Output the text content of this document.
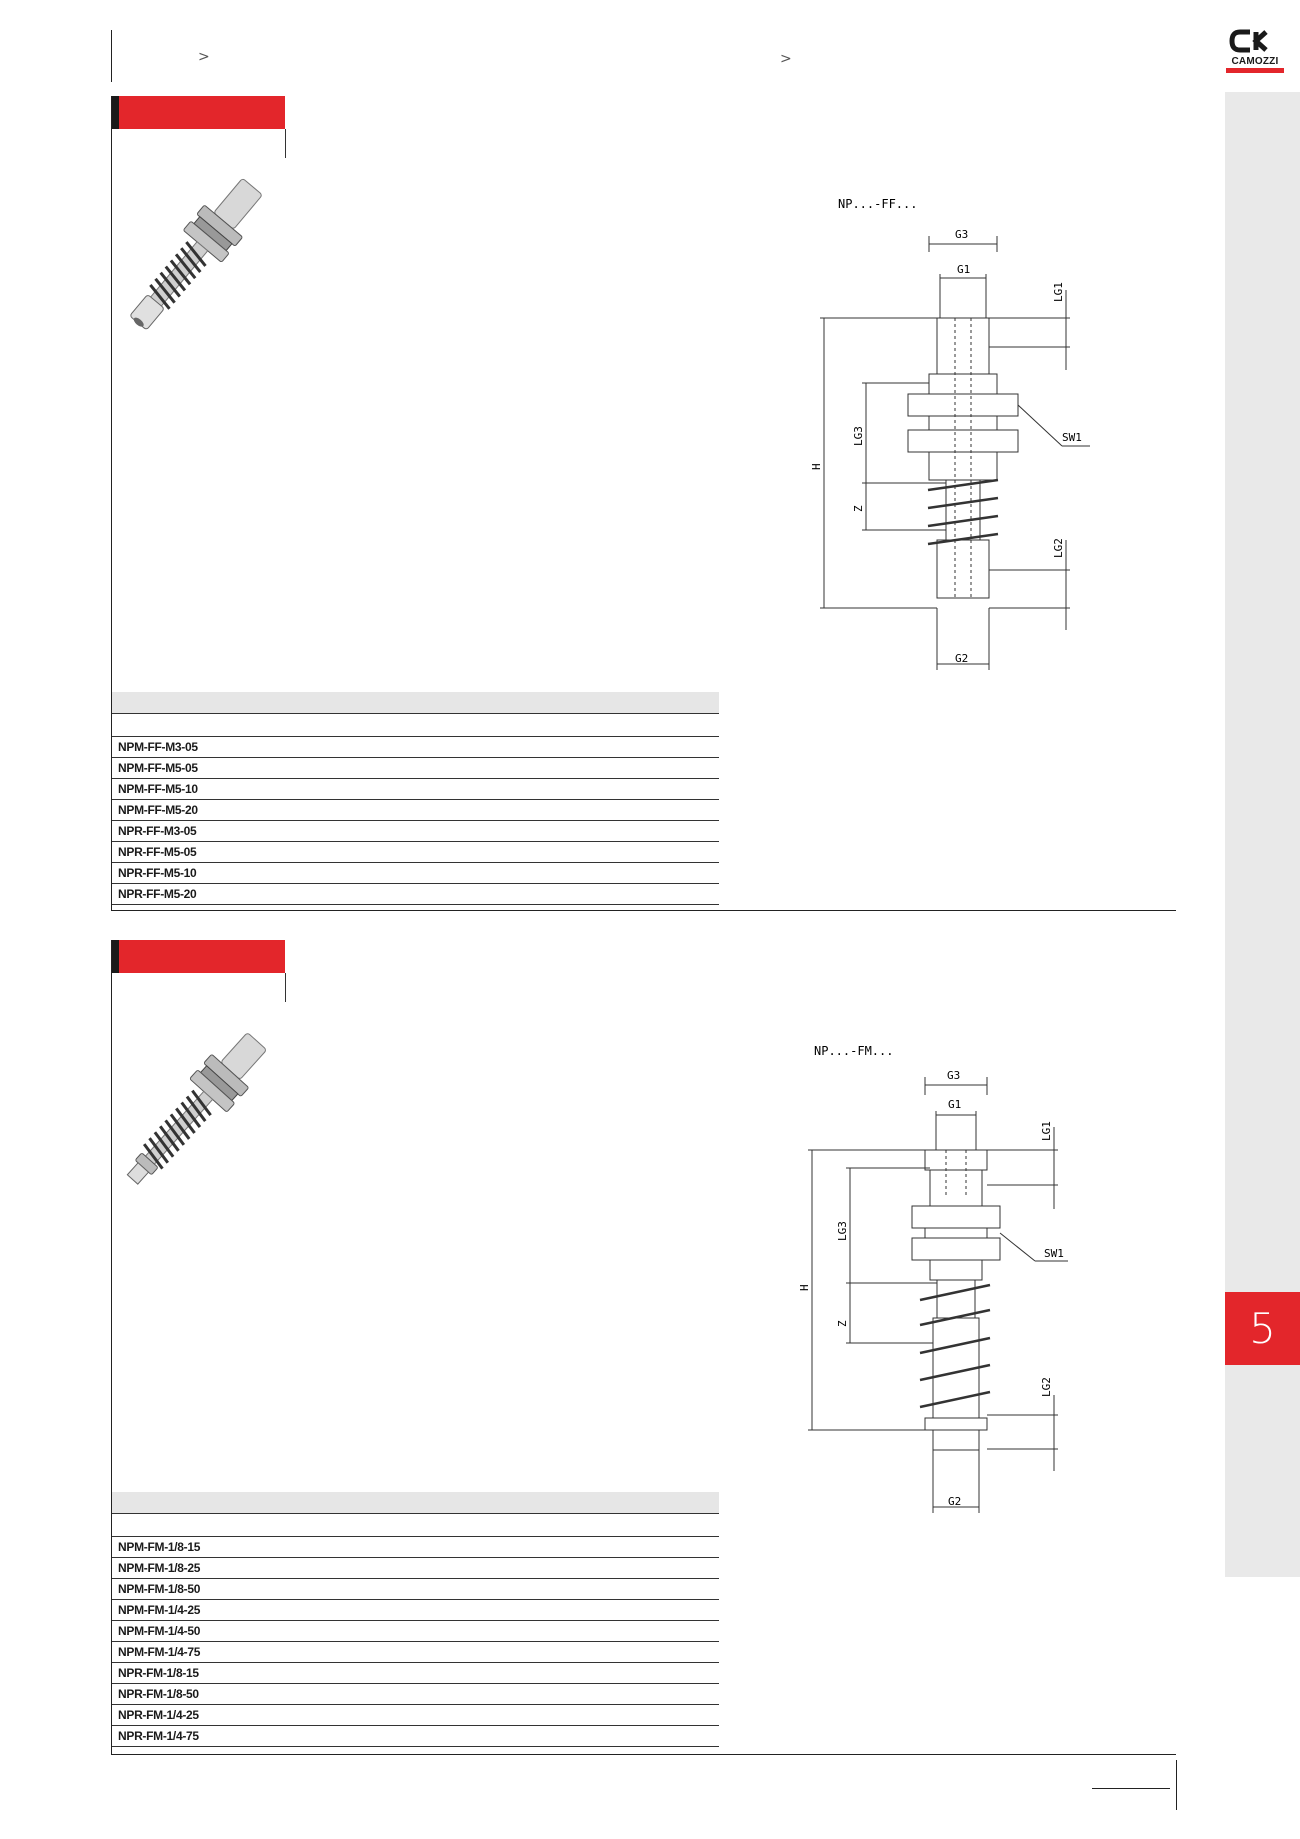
>	>	CAMOZZI
5
NP...-FF...
G3
G1
LG1
LG3	SW1
H
Z
LG2
G2
NPM-FF-M3-05
NPM-FF-M5-05
NPM-FF-M5-10
NPM-FF-M5-20
NPR-FF-M3-05
NPR-FF-M5-05
NPR-FF-M5-10
NPR-FF-M5-20
NP...-FM...
G3
G1
LG1
LG3
SW1
H
Z
LG2
G2
NPM-FM-1/8-15
NPM-FM-1/8-25
NPM-FM-1/8-50
NPM-FM-1/4-25
NPM-FM-1/4-50
NPM-FM-1/4-75
NPR-FM-1/8-15
NPR-FM-1/8-50
NPR-FM-1/4-25
NPR-FM-1/4-75
